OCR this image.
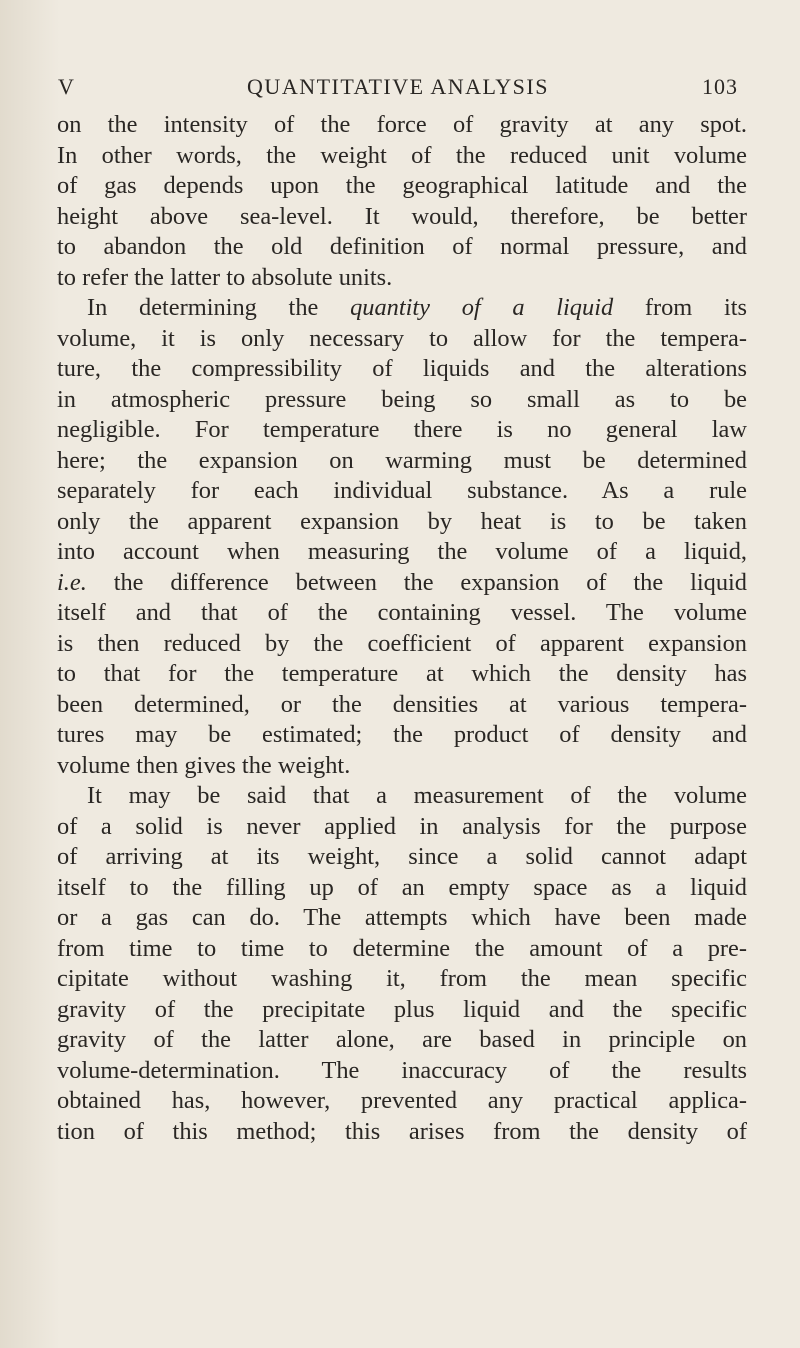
V	QUANTITATIVE ANALYSIS	103
on the intensity of the force of gravity at any spot.
In other words, the weight of the reduced unit volume
of gas depends upon the geographical latitude and the
height above sea-level. It would, therefore, be better
to abandon the old definition of normal pressure, and
to refer the latter to absolute units.
In determining the quantity of a liquid from its
volume, it is only necessary to allow for the tempera-
ture, the compressibility of liquids and the alterations
in atmospheric pressure being so small as to be
negligible. For temperature there is no general law
here; the expansion on warming must be determined
separately for each individual substance. As a rule
only the apparent expansion by heat is to be taken
into account when measuring the volume of a liquid,
i.e. the difference between the expansion of the liquid
itself and that of the containing vessel. The volume
is then reduced by the coefficient of apparent expansion
to that for the temperature at which the density has
been determined, or the densities at various tempera-
tures may be estimated; the product of density and
volume then gives the weight.
It may be said that a measurement of the volume
of a solid is never applied in analysis for the purpose
of arriving at its weight, since a solid cannot adapt
itself to the filling up of an empty space as a liquid
or a gas can do. The attempts which have been made
from time to time to determine the amount of a pre-
cipitate without washing it, from the mean specific
gravity of the precipitate plus liquid and the specific
gravity of the latter alone, are based in principle on
volume-determination. The inaccuracy of the results
obtained has, however, prevented any practical applica-
tion of this method; this arises from the density of
